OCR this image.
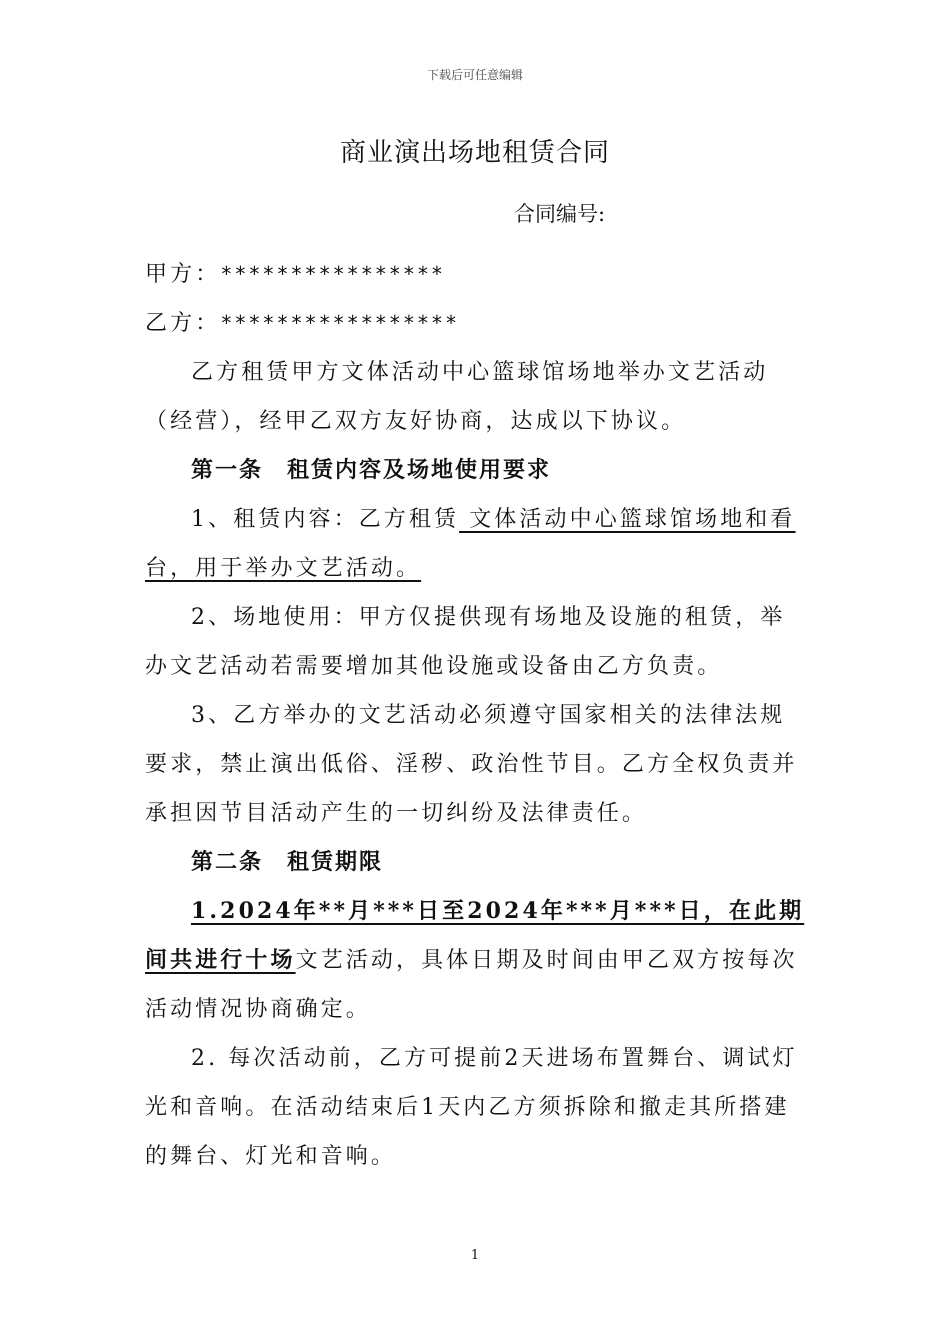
下载后可任意编辑
商业演出场地租赁合同
合同编号:

甲方：****************

乙方：*****************

乙方租赁甲方文体活动中心篮球馆场地举办文艺活动（经营），经甲乙双方友好协商，达成以下协议。

第一条 租赁内容及场地使用要求

1、租赁内容：乙方租赁 文体活动中心篮球馆场地和看台，用于举办文艺活动。

2、场地使用：甲方仅提供现有场地及设施的租赁，举办文艺活动若需要增加其他设施或设备由乙方负责。

3、乙方举办的文艺活动必须遵守国家相关的法律法规要求，禁止演出低俗、淫秽、政治性节目。乙方全权负责并承担因节目活动产生的一切纠纷及法律责任。

第二条 租赁期限

1.2024年**月***日至2024年***月***日，在此期间共进行十场文艺活动，具体日期及时间由甲乙双方按每次活动情况协商确定。

2. 每次活动前，乙方可提前2天进场布置舞台、调试灯光和音响。在活动结束后1天内乙方须拆除和撤走其所搭建的舞台、灯光和音响。

1
